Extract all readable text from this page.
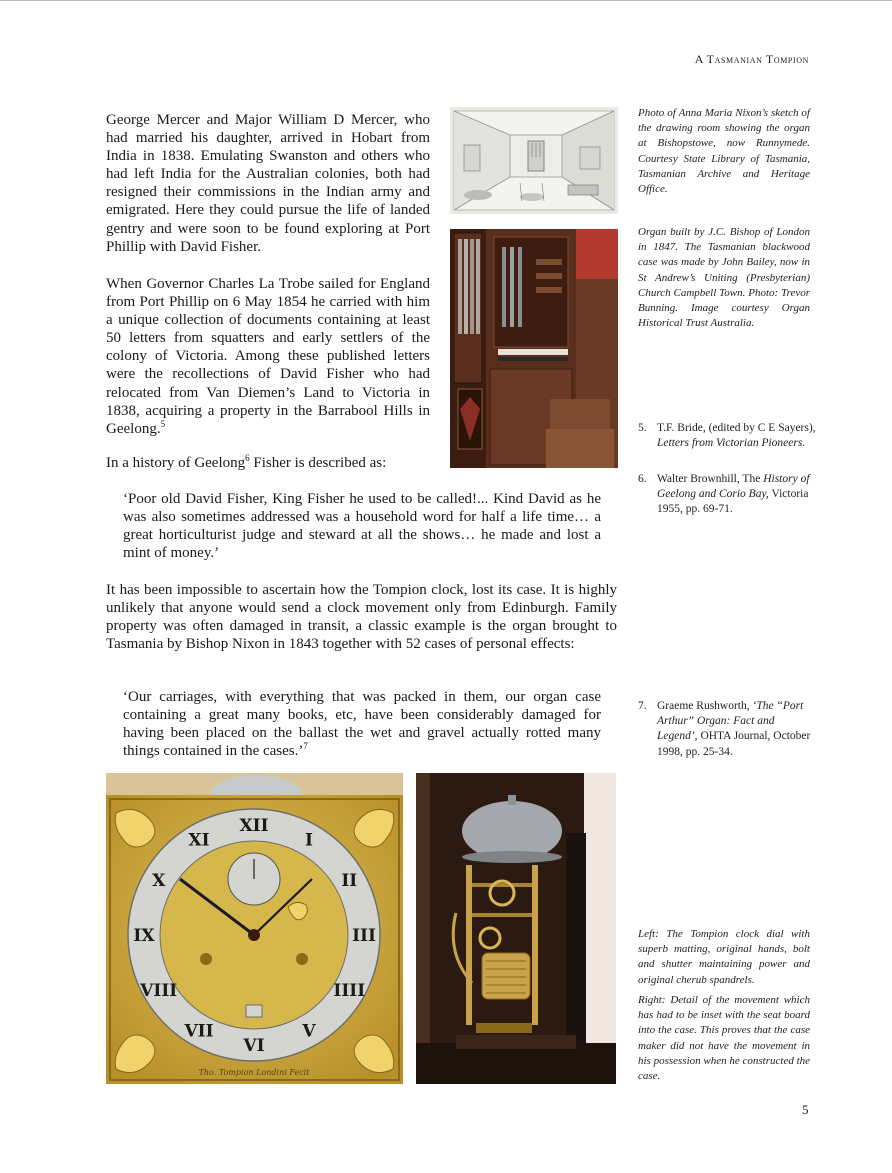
A Tasmanian Tompion

George Mercer and Major William D Mercer, who had married his daughter, arrived in Hobart from India in 1838. Emulating Swanston and others who had left India for the Australian colonies, both had resigned their commissions in the Indian army and emigrated. Here they could pursue the life of landed gentry and were soon to be found exploring at Port Phillip with David Fisher.

When Governor Charles La Trobe sailed for England from Port Phillip on 6 May 1854 he carried with him a unique collection of documents containing at least 50 letters from squatters and early settlers of the colony of Victoria. Among these published letters were the recollections of David Fisher who had relocated from Van Diemen’s Land to Victoria in 1838, acquiring a property in the Barrabool Hills in Geelong.$^5$

In a history of Geelong$^6$ Fisher is described as:

‘Poor old David Fisher, King Fisher he used to be called!... Kind David as he was also sometimes addressed was a household word for half a life time… a great horticulturist judge and steward at all the shows… he made and lost a mint of money.’

It has been impossible to ascertain how the Tompion clock, lost its case. It is highly unlikely that anyone would send a clock movement only from Edinburgh. Family property was often damaged in transit, a classic example is the organ brought to Tasmania by Bishop Nixon in 1843 together with 52 cases of personal effects:

‘Our carriages, with everything that was packed in them, our organ case containing a great many books, etc, have been considerably damaged for having been placed on the ballast the wet and gravel actually rotted many things contained in the cases.’$^7$

Photo of Anna Maria Nixon’s sketch of the drawing room showing the organ at Bishopstowe, now Runnymede. Courtesy State Library of Tasmania, Tasmanian Archive and Heritage Office.

Organ built by J.C. Bishop of London in 1847. The Tasmanian blackwood case was made by John Bailey, now in St Andrew’s Uniting (Presbyterian) Church Campbell Town. Photo: Trevor Bunning. Image courtesy Organ Historical Trust Australia.

5. T.F. Bride, (edited by C E Sayers), Letters from Victorian Pioneers.
6. Walter Brownhill, The History of Geelong and Corio Bay, Victoria 1955, pp. 69-71.
7. Graeme Rushworth, ‘The “Port Arthur” Organ: Fact and Legend’, OHTA Journal, October 1998, pp. 25-34.
XII
I
II
III
IIII
V
VI
VII
VIII
IX
X
XI
Tho. Tompion Londini Fecit

Left: The Tompion clock dial with superb matting, original hands, bolt and shutter maintaining power and original cherub spandrels.

Right: Detail of the movement which has had to be inset with the seat board into the case. This proves that the case maker did not have the movement in his possession when he constructed the case.

5
